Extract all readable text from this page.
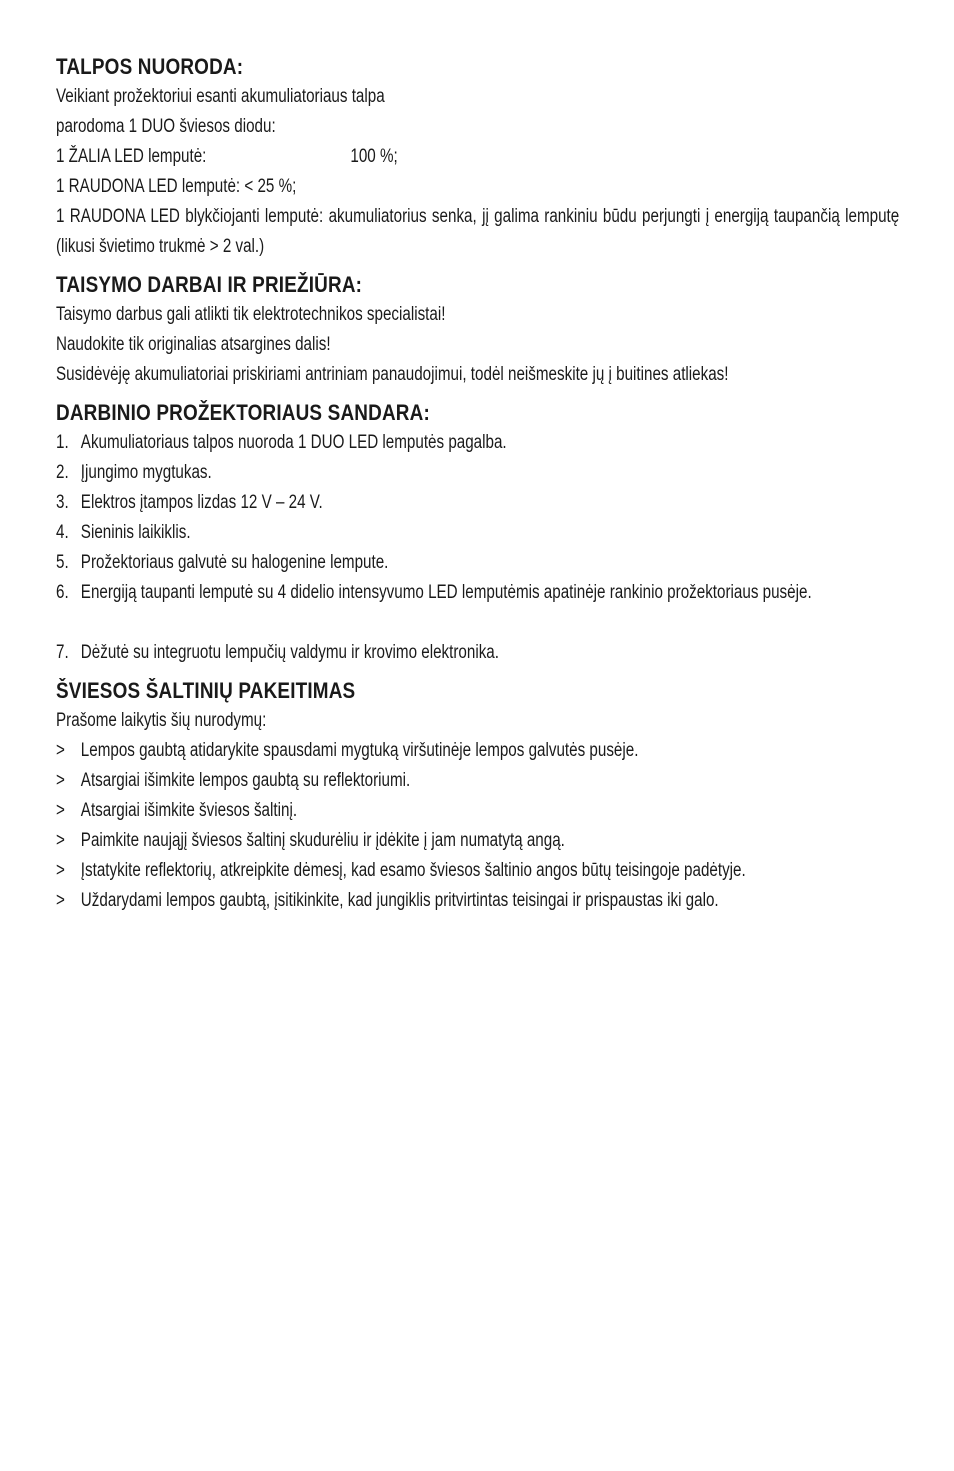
TALPOS NUORODA:

Veikiant prožektoriui esanti akumuliatoriaus talpa

parodoma 1 DUO šviesos diodu:

1 ŽALIA LED lemputė:	100 %;

1 RAUDONA LED lemputė: < 25 %;

1 RAUDONA LED blykčiojanti lemputė: akumuliatorius senka, jį galima rankiniu būdu perjungti į energiją taupančią lemputę (likusi švietimo trukmė > 2 val.)

TAISYMO DARBAI IR PRIEŽIŪRA:

Taisymo darbus gali atlikti tik elektrotechnikos specialistai!

Naudokite tik originalias atsargines dalis!

Susidėvėję akumuliatoriai priskiriami antriniam panaudojimui, todėl neišmeskite jų į buitines atliekas!

DARBINIO PROŽEKTORIAUS SANDARA:
1. Akumuliatoriaus talpos nuoroda 1 DUO LED lemputės pagalba.
2. Įjungimo mygtukas.
3. Elektros įtampos lizdas 12 V – 24 V.
4. Sieninis laikiklis.
5. Prožektoriaus galvutė su halogenine lempute.
6. Energiją taupanti lemputė su 4 didelio intensyvumo LED lemputėmis apatinėje rankinio prožektoriaus pusėje.
7. Dėžutė su integruotu lempučių valdymu ir krovimo elektronika.
ŠVIESOS ŠALTINIŲ PAKEITIMAS

Prašome laikytis šių nurodymų:

> Lempos gaubtą atidarykite spausdami mygtuką viršutinėje lempos galvutės pusėje.
> Atsargiai išimkite lempos gaubtą su reflektoriumi.
> Atsargiai išimkite šviesos šaltinį.
> Paimkite naująjį šviesos šaltinį skudurėliu ir įdėkite į jam numatytą angą.
> Įstatykite reflektorių, atkreipkite dėmesį, kad esamo šviesos šaltinio angos būtų teisingoje padėtyje.
> Uždarydami lempos gaubtą, įsitikinkite, kad jungiklis pritvirtintas teisingai ir prispaustas iki galo.
